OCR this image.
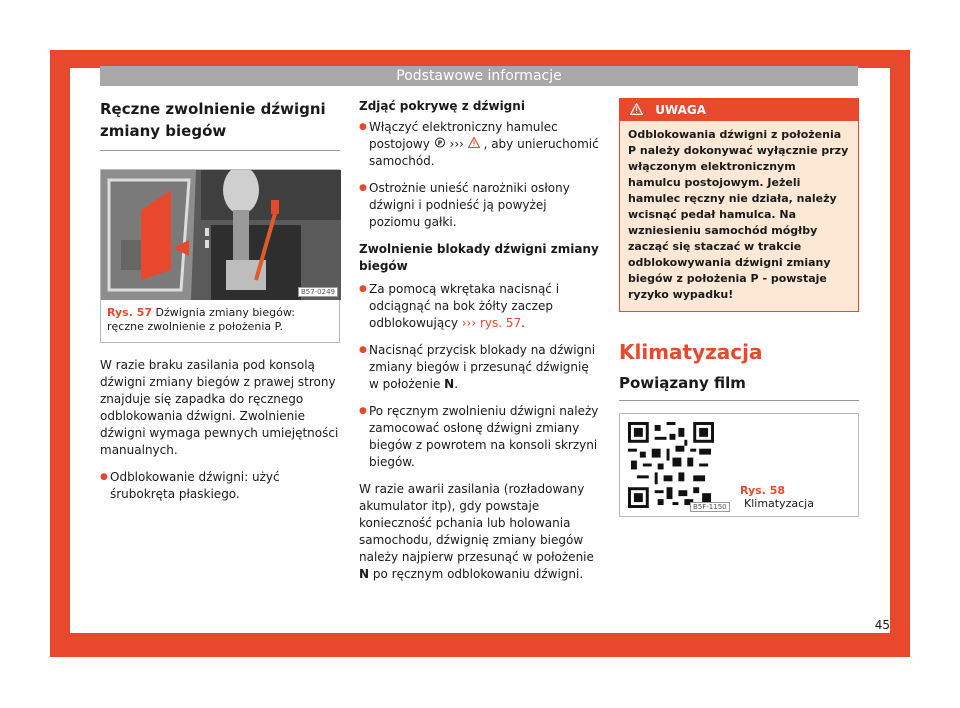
Podstawowe informacje
Ręczne zwolnienie dźwigni zmiany biegów
B57-0249
Rys. 57 Dźwignia zmiany biegów: ręczne zwolnienie z położenia P.

W razie braku zasilania pod konsolą dźwigni zmiany biegów z prawej strony znajduje się zapadka do ręcznego odblokowania dźwigni. Zwolnienie dźwigni wymaga pewnych umiejętności manualnych.

● Odblokowanie dźwigni: użyć śrubokręta płaskiego.

Zdjąć pokrywę z dźwigni

● Włączyć elektroniczny hamulec postojowy P ››› , aby unieruchomić samochód.

● Ostrożnie unieść narożniki osłony dźwigni i podnieść ją powyżej poziomu gałki.

Zwolnienie blokady dźwigni zmiany biegów

● Za pomocą wkrętaka nacisnąć i odciągnąć na bok żółty zaczep odblokowujący ››› rys. 57.

● Nacisnąć przycisk blokady na dźwigni zmiany biegów i przesunąć dźwignię w położenie N.

● Po ręcznym zwolnieniu dźwigni należy zamocować osłonę dźwigni zmiany biegów z powrotem na konsoli skrzyni biegów.

W razie awarii zasilania (rozładowany akumulator itp), gdy powstaje konieczność pchania lub holowania samochodu, dźwignię zmiany biegów należy najpierw przesunąć w położenie N po ręcznym odblokowaniu dźwigni.

UWAGA
Odblokowania dźwigni z położenia P należy dokonywać wyłącznie przy włączonym elektronicznym hamulcu postojowym. Jeżeli hamulec ręczny nie działa, należy wcisnąć pedał hamulca. Na wzniesieniu samochód mógłby zacząć się staczać w trakcie odblokowywania dźwigni zmiany biegów z położenia P - powstaje ryzyko wypadku!
Klimatyzacja
Powiązany film
B5F-1150
Rys. 58 Klimatyzacja
45
